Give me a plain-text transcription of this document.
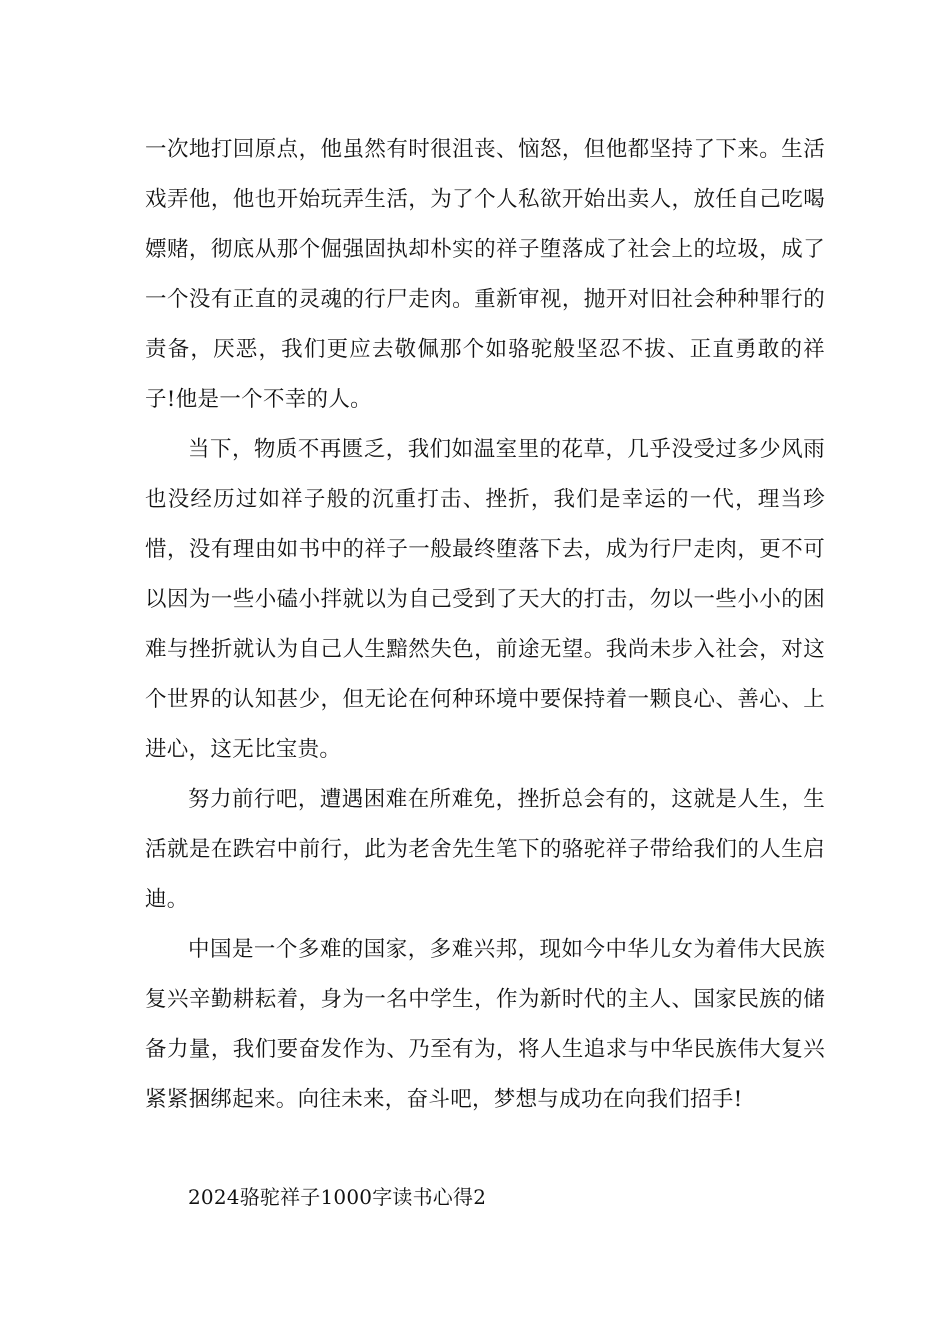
一次地打回原点，他虽然有时很沮丧、恼怒，但他都坚持了下来。生活戏弄他，他也开始玩弄生活，为了个人私欲开始出卖人，放任自己吃喝嫖赌，彻底从那个倔强固执却朴实的祥子堕落成了社会上的垃圾，成了一个没有正直的灵魂的行尸走肉。重新审视，抛开对旧社会种种罪行的责备，厌恶，我们更应去敬佩那个如骆驼般坚忍不拔、正直勇敢的祥子!他是一个不幸的人。

当下，物质不再匮乏，我们如温室里的花草，几乎没受过多少风雨也没经历过如祥子般的沉重打击、挫折，我们是幸运的一代，理当珍惜，没有理由如书中的祥子一般最终堕落下去，成为行尸走肉，更不可以因为一些小磕小拌就以为自己受到了天大的打击，勿以一些小小的困难与挫折就认为自己人生黯然失色，前途无望。我尚未步入社会，对这个世界的认知甚少，但无论在何种环境中要保持着一颗良心、善心、上进心，这无比宝贵。

努力前行吧，遭遇困难在所难免，挫折总会有的，这就是人生，生活就是在跌宕中前行，此为老舍先生笔下的骆驼祥子带给我们的人生启迪。

中国是一个多难的国家，多难兴邦，现如今中华儿女为着伟大民族复兴辛勤耕耘着，身为一名中学生，作为新时代的主人、国家民族的储备力量，我们要奋发作为、乃至有为，将人生追求与中华民族伟大复兴紧紧捆绑起来。向往未来，奋斗吧，梦想与成功在向我们招手!

2024骆驼祥子1000字读书心得2
